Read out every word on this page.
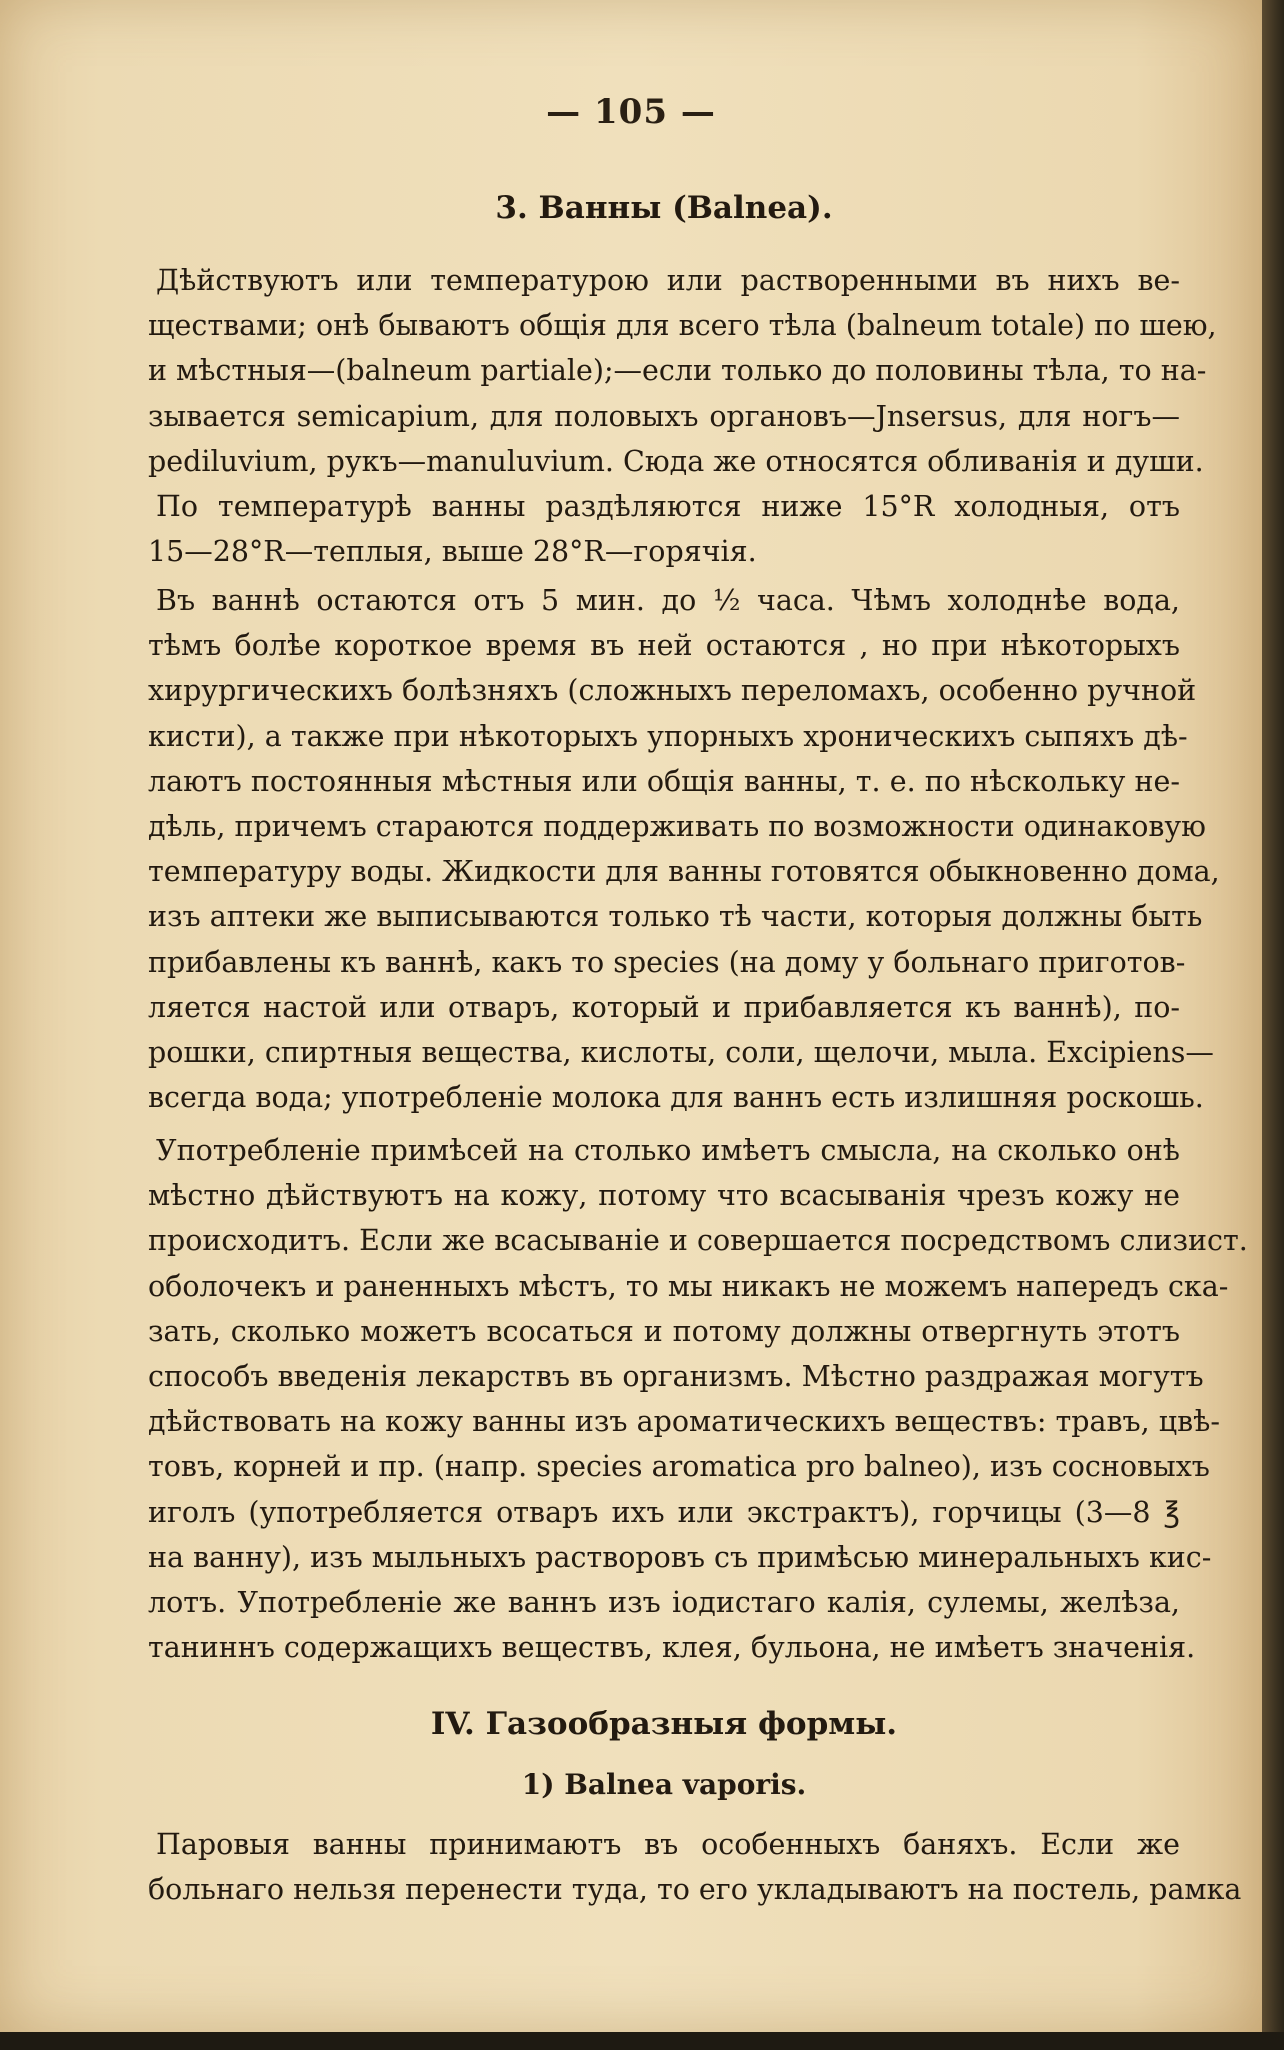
— 105 —
3. Ванны (Balnea).
Дѣйствуютъ или температурою или растворенными въ нихъ ве-
ществами; онѣ бываютъ общiя для всего тѣла (balneum totale) по шею,
и мѣстныя—(balneum partiale);—если только до половины тѣла, то на-
зывается semicapium, для половыхъ органовъ—Jnsersus, для ногъ—
pediluvium, рукъ—manuluvium. Сюда же относятся обливанiя и души.
По температурѣ ванны раздѣляются ниже 15°R холодныя, отъ
15—28°R—теплыя, выше 28°R—горячiя.
Въ ваннѣ остаются отъ 5 мин. до ½ часа. Чѣмъ холоднѣе вода,
тѣмъ болѣе короткое время въ ней остаются , но при нѣкоторыхъ
хирургическихъ болѣзняхъ (сложныхъ переломахъ, особенно ручной
кисти), а также при нѣкоторыхъ упорныхъ хроническихъ сыпяхъ дѣ-
лаютъ постоянныя мѣстныя или общiя ванны, т. е. по нѣскольку не-
дѣль, причемъ стараются поддерживать по возможности одинаковую
температуру воды. Жидкости для ванны готовятся обыкновенно дома,
изъ аптеки же выписываются только тѣ части, которыя должны быть
прибавлены къ ваннѣ, какъ то species (на дому у больнаго приготов-
ляется настой или отваръ, который и прибавляется къ ваннѣ), по-
рошки, спиртныя вещества, кислоты, соли, щелочи, мыла. Excipiens—
всегда вода; употребленiе молока для ваннъ есть излишняя роскошь.
Употребленiе примѣсей на столько имѣетъ смысла, на сколько онѣ
мѣстно дѣйствуютъ на кожу, потому что всасыванiя чрезъ кожу не
происходитъ. Если же всасыванiе и совершается посредствомъ слизист.
оболочекъ и раненныхъ мѣстъ, то мы никакъ не можемъ напередъ ска-
зать, сколько можетъ всосаться и потому должны отвергнуть этотъ
способъ введенiя лекарствъ въ организмъ. Мѣстно раздражая могутъ
дѣйствовать на кожу ванны изъ ароматическихъ веществъ: травъ, цвѣ-
товъ, корней и пр. (напр. species aromatica pro balneo), изъ сосновыхъ
иголъ (употребляется отваръ ихъ или экстрактъ), горчицы (3—8 ℥
на ванну), изъ мыльныхъ растворовъ съ примѣсью минеральныхъ кис-
лотъ. Употребленiе же ваннъ изъ iодистаго калiя, сулемы, желѣза,
таниннъ содержащихъ веществъ, клея, бульона, не имѣетъ значенiя.
IV. Газообразныя формы.
1) Balnea vaporis.
Паровыя ванны принимаютъ въ особенныхъ баняхъ. Если же
больнаго нельзя перенести туда, то его укладываютъ на постель, рамка
